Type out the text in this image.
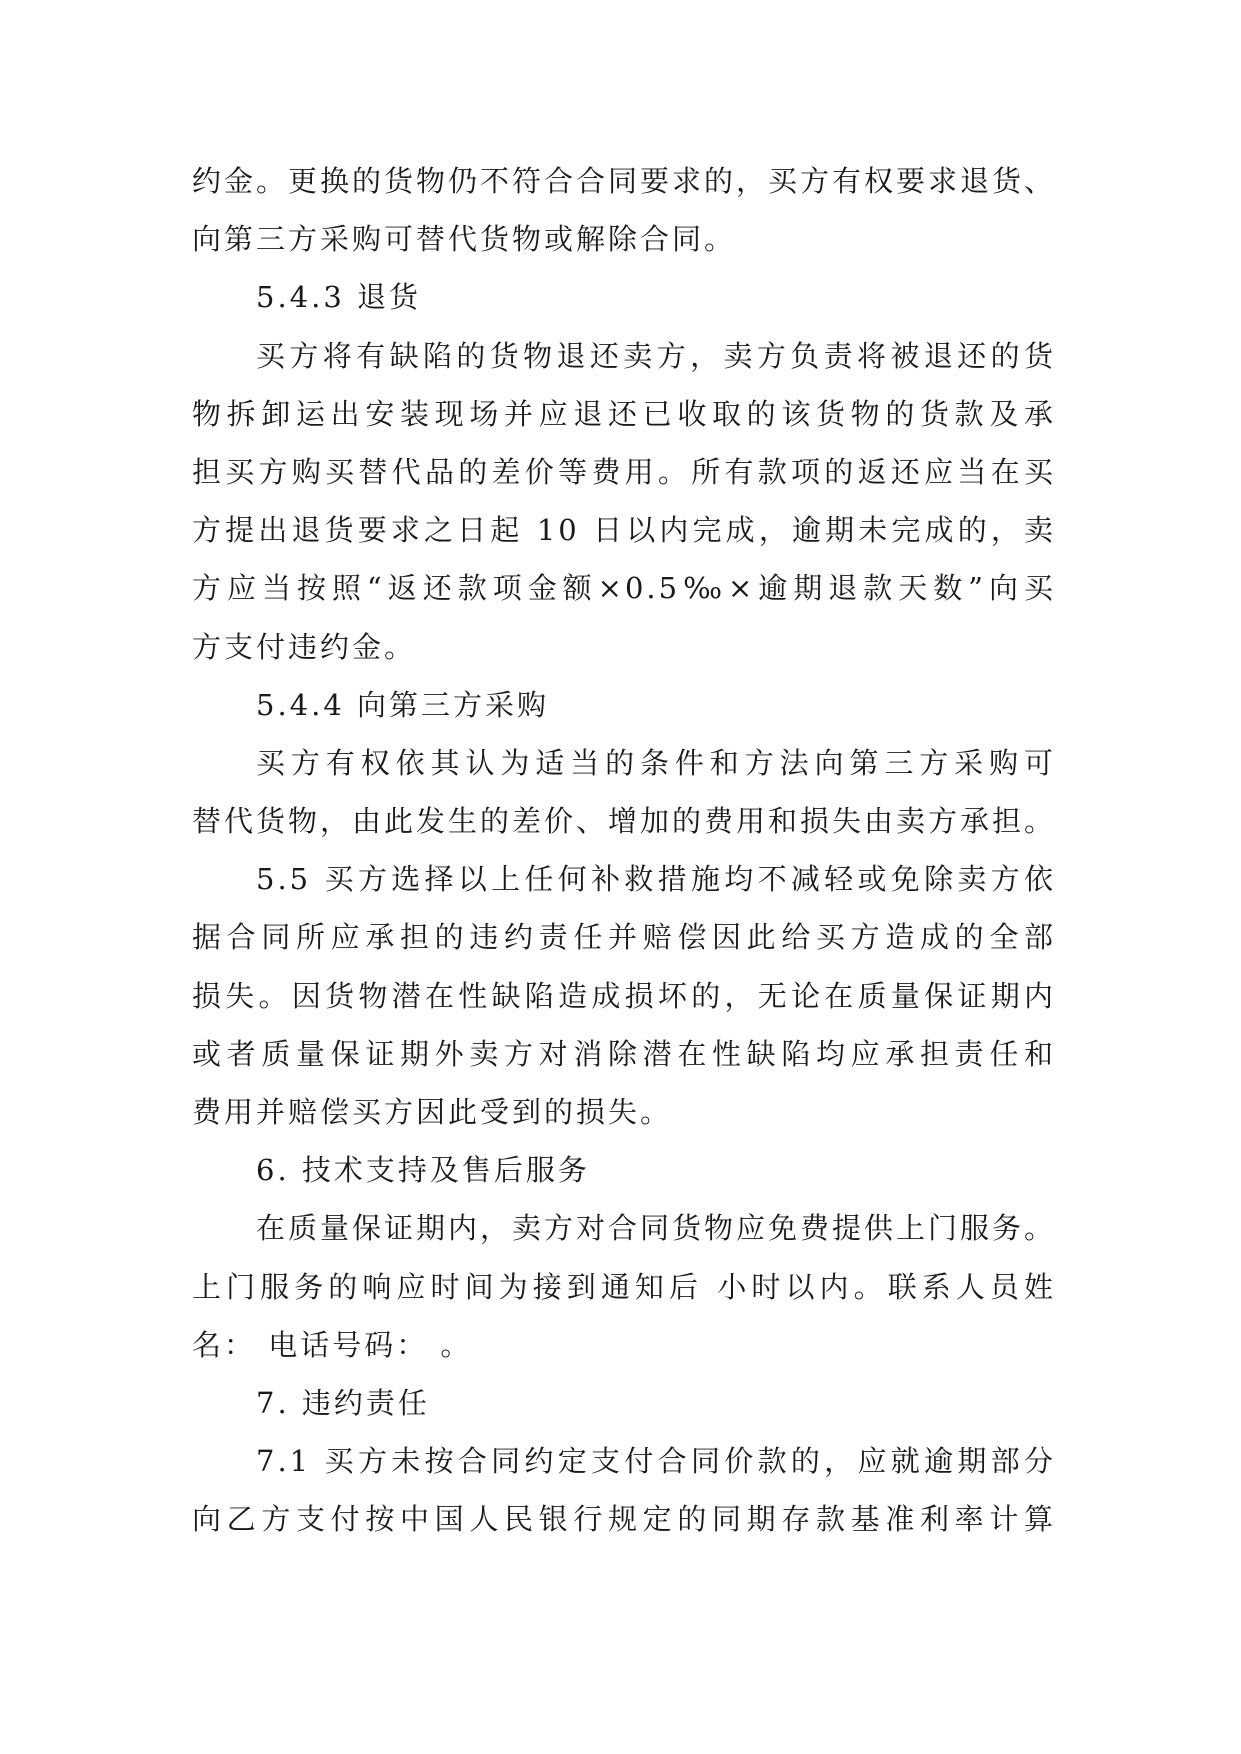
约金。更换的货物仍不符合合同要求的，买方有权要求退货、
向第三方采购可替代货物或解除合同。
5.4.3 退货
买方将有缺陷的货物退还卖方，卖方负责将被退还的货
物拆卸运出安装现场并应退还已收取的该货物的货款及承
担买方购买替代品的差价等费用。所有款项的返还应当在买
方提出退货要求之日起 10 日以内完成，逾期未完成的，卖
方应当按照“返还款项金额×0.5‰×逾期退款天数”向买
方支付违约金。
5.4.4 向第三方采购
买方有权依其认为适当的条件和方法向第三方采购可
替代货物，由此发生的差价、增加的费用和损失由卖方承担。
5.5 买方选择以上任何补救措施均不减轻或免除卖方依
据合同所应承担的违约责任并赔偿因此给买方造成的全部
损失。因货物潜在性缺陷造成损坏的，无论在质量保证期内
或者质量保证期外卖方对消除潜在性缺陷均应承担责任和
费用并赔偿买方因此受到的损失。
6. 技术支持及售后服务
在质量保证期内，卖方对合同货物应免费提供上门服务。
上门服务的响应时间为接到通知后 小时以内。联系人员姓
名： 电话号码： 。
7. 违约责任
7.1 买方未按合同约定支付合同价款的，应就逾期部分
向乙方支付按中国人民银行规定的同期存款基准利率计算
